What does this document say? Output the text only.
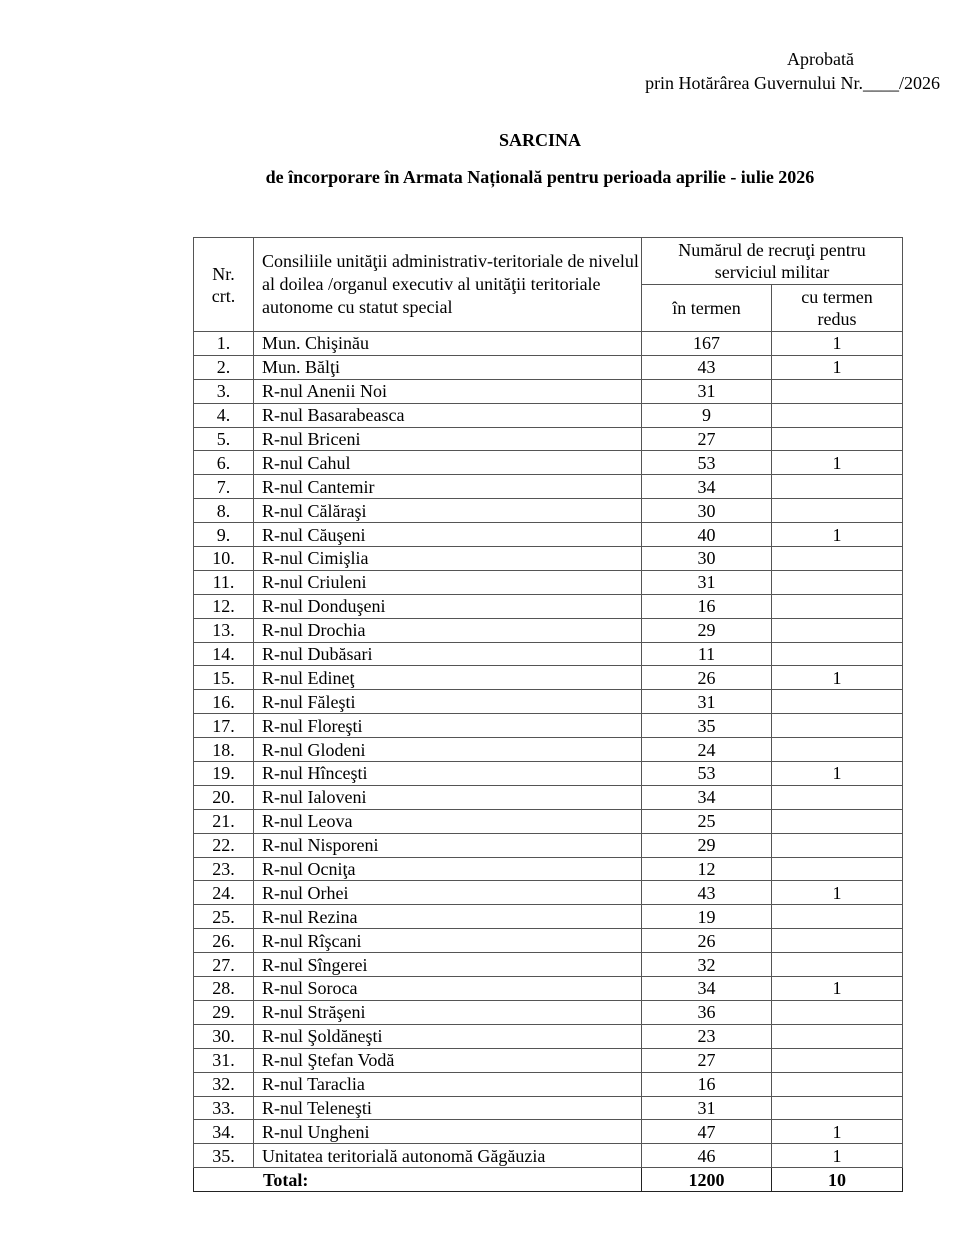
Aprobată
prin Hotărârea Guvernului Nr.____/2026
SARCINA
de încorporare în Armata Națională pentru perioada aprilie - iulie 2026
Nr. crt.	Consiliile unităţii administrativ-teritoriale de nivelul al doilea /organul executiv al unităţii teritoriale autonome cu statut special	Numărul de recruţi pentru serviciul militar	
		în termen	cu termen redus
1.	Mun. Chişinău	167	1
2.	Mun. Bălţi	43	1
3.	R-nul Anenii Noi	31	
4.	R-nul Basarabeasca	9	
5.	R-nul Briceni	27	
6.	R-nul Cahul	53	1
7.	R-nul Cantemir	34	
8.	R-nul Călăraşi	30	
9.	R-nul Căuşeni	40	1
10.	R-nul Cimişlia	30	
11.	R-nul Criuleni	31	
12.	R-nul Donduşeni	16	
13.	R-nul Drochia	29	
14.	R-nul Dubăsari	11	
15.	R-nul Edineţ	26	1
16.	R-nul Făleşti	31	
17.	R-nul Floreşti	35	
18.	R-nul Glodeni	24	
19.	R-nul Hînceşti	53	1
20.	R-nul Ialoveni	34	
21.	R-nul Leova	25	
22.	R-nul Nisporeni	29	
23.	R-nul Ocniţa	12	
24.	R-nul Orhei	43	1
25.	R-nul Rezina	19	
26.	R-nul Rîşcani	26	
27.	R-nul Sîngerei	32	
28.	R-nul Soroca	34	1
29.	R-nul Străşeni	36	
30.	R-nul Şoldăneşti	23	
31.	R-nul Ştefan Vodă	27	
32.	R-nul Taraclia	16	
33.	R-nul Teleneşti	31	
34.	R-nul Ungheni	47	1
35.	Unitatea teritorială autonomă Găgăuzia	46	1
Total:		1200	10
